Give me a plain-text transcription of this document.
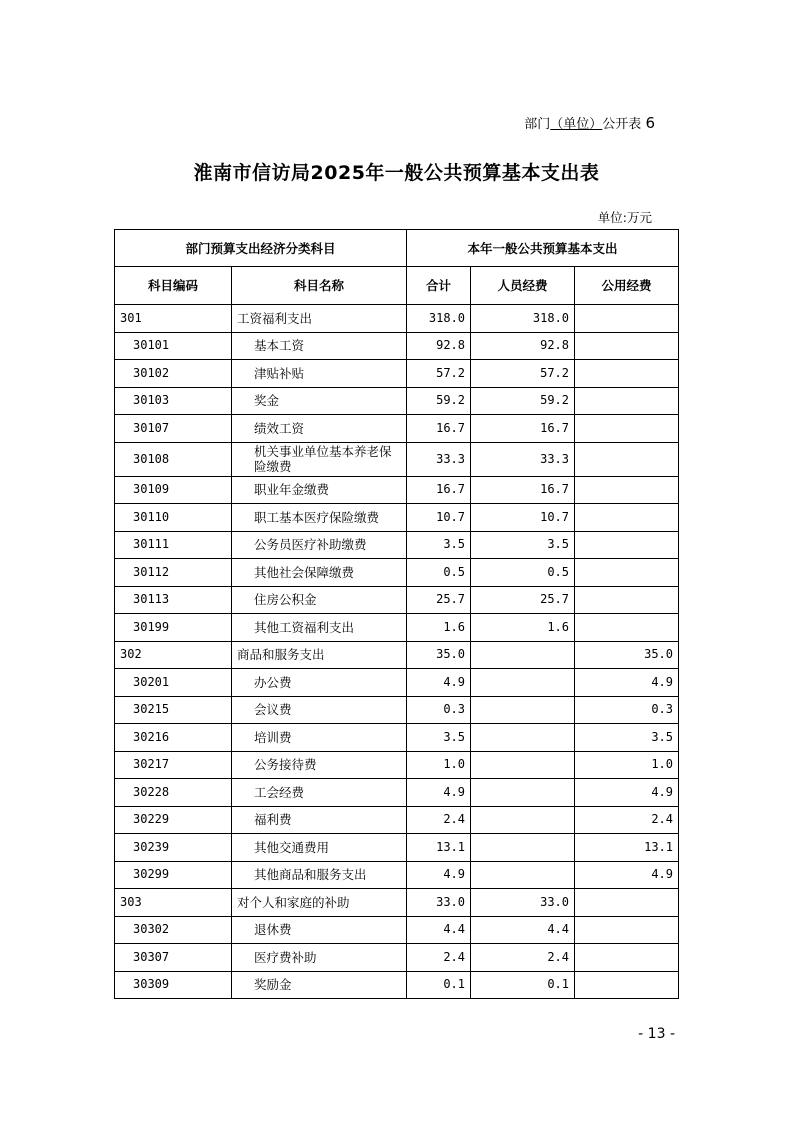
部门（单位）公开表 6
淮南市信访局2025年一般公共预算基本支出表
单位:万元
部门预算支出经济分类科目		本年一般公共预算基本支出		
科目编码	科目名称	合计	人员经费	公用经费
301	工资福利支出	318.0	318.0	
30101	基本工资	92.8	92.8	
30102	津贴补贴	57.2	57.2	
30103	奖金	59.2	59.2	
30107	绩效工资	16.7	16.7	
30108	机关事业单位基本养老保险缴费	33.3	33.3	
30109	职业年金缴费	16.7	16.7	
30110	职工基本医疗保险缴费	10.7	10.7	
30111	公务员医疗补助缴费	3.5	3.5	
30112	其他社会保障缴费	0.5	0.5	
30113	住房公积金	25.7	25.7	
30199	其他工资福利支出	1.6	1.6	
302	商品和服务支出	35.0		35.0
30201	办公费	4.9		4.9
30215	会议费	0.3		0.3
30216	培训费	3.5		3.5
30217	公务接待费	1.0		1.0
30228	工会经费	4.9		4.9
30229	福利费	2.4		2.4
30239	其他交通费用	13.1		13.1
30299	其他商品和服务支出	4.9		4.9
303	对个人和家庭的补助	33.0	33.0	
30302	退休费	4.4	4.4	
30307	医疗费补助	2.4	2.4	
30309	奖励金	0.1	0.1	
- 13 -
